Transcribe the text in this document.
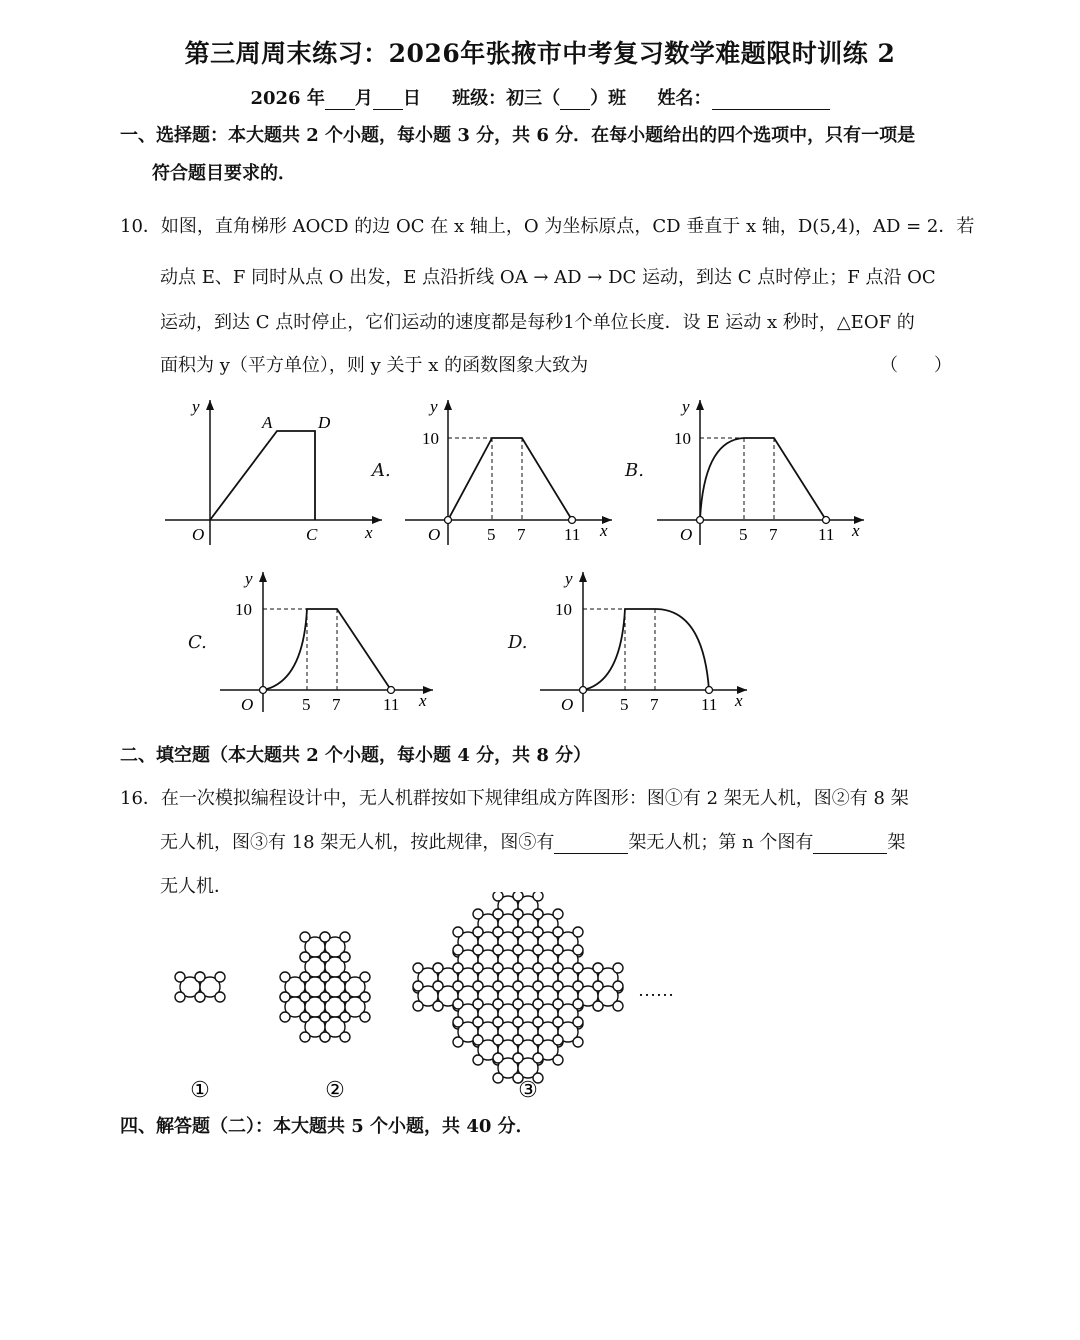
第三周周末练习：2026年张掖市中考复习数学难题限时训练 2
2026 年 月 日 班级：初三（ ）班 姓名：
一、选择题：本大题共 2 个小题，每小题 3 分，共 6 分．在每小题给出的四个选项中，只有一项是
符合题目要求的．
10．如图，直角梯形 AOCD 的边 OC 在 x 轴上，O 为坐标原点，CD 垂直于 x 轴，D(5,4)，AD = 2．若
动点 E、F 同时从点 O 出发，E 点沿折线 OA → AD → DC 运动，到达 C 点时停止；F 点沿 OC
运动，到达 C 点时停止，它们运动的速度都是每秒1个单位长度．设 E 运动 x 秒时，△EOF 的
面积为 y（平方单位），则 y 关于 x 的函数图象大致为	（　　）
y
O
A	D
C	x
A.	B.
C.	D.
y
10
O	5 7 11 x
y
10
O	5 7 11 x
y
10
O	5 7	11 x
y
10
O	5 7	11 x
二、填空题（本大题共 2 个小题，每小题 4 分，共 8 分）
16．在一次模拟编程设计中，无人机群按如下规律组成方阵图形：图①有 2 架无人机，图②有 8 架
无人机，图③有 18 架无人机，按此规律，图⑤有	架无人机；第 n 个图有	架
无人机．
①	②	③
……
四、解答题（二）：本大题共 5 个小题，共 40 分．
